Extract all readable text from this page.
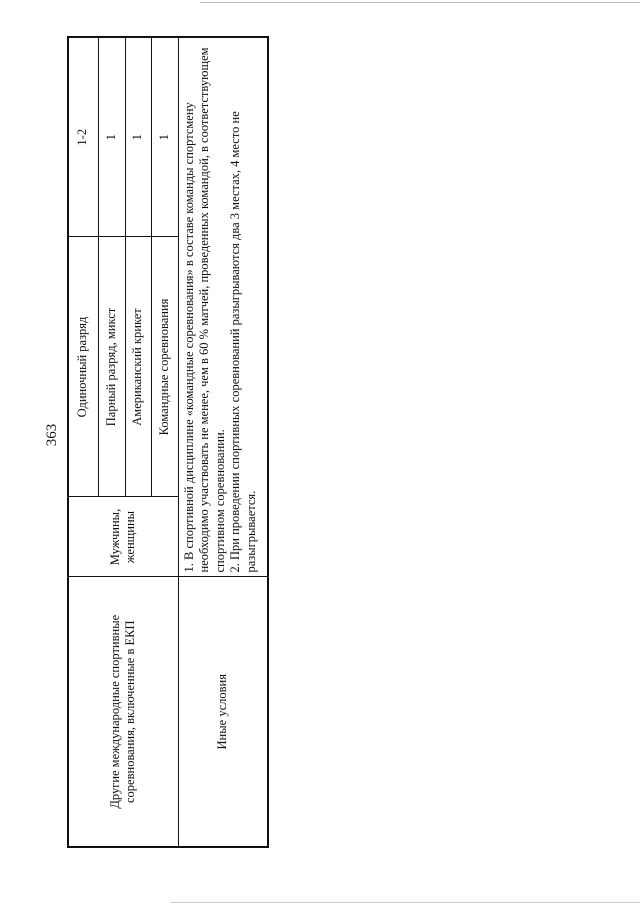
363
Другие международные спортивные соревнования, включенные в ЕКП	Мужчины, женщины	Одиночный разряд	1-2
		Парный разряд, микст	1
		Американский крикет	1
		Командные соревнования	1
Иные условия	1. В спортивной дисциплине «командные соревнования» в составе команды спортсмену необходимо участвовать не менее, чем в 60 % матчей, проведенных командой, в соответствующем спортивном соревновании. 2. При проведении спортивных соревнований разыгрываются два 3 местах, 4 место не разыгрывается.		
